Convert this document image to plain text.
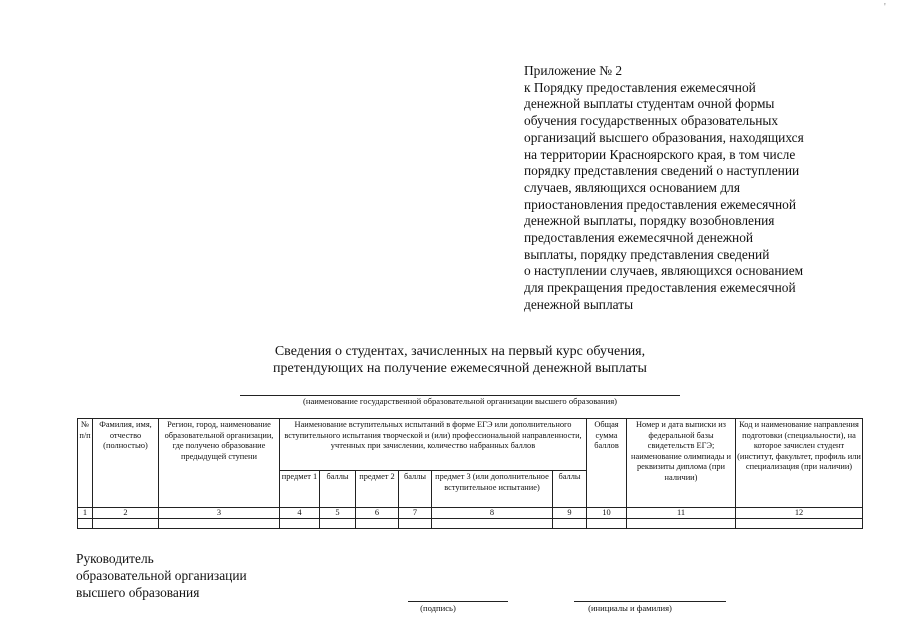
'
Приложение № 2
к Порядку предоставления ежемесячной
денежной выплаты студентам очной формы
обучения государственных образовательных
организаций высшего образования, находящихся
на территории Красноярского края, в том числе
порядку представления сведений о наступлении
случаев, являющихся основанием для
приостановления предоставления ежемесячной
денежной выплаты, порядку возобновления
предоставления ежемесячной денежной
выплаты, порядку представления сведений
о наступлении случаев, являющихся основанием
для прекращения предоставления ежемесячной
денежной выплаты
Сведения о студентах, зачисленных на первый курс обучения,
претендующих на получение ежемесячной денежной выплаты
(наименование государственной образовательной организации высшего образования)
№ п/п	Фамилия, имя, отчество (полностью)	Регион, город, наименование образовательной организации, где получено образование предыдущей ступени	Наименование вступительных испытаний в форме ЕГЭ или дополнительного вступительного испытания творческой и (или) профессиональной направленности, учтенных при зачислении, количество набранных баллов						Общая сумма баллов	Номер и дата выписки из федеральной базы свидетельств ЕГЭ; наименование олимпиады и реквизиты диплома (при наличии)	Код и наименование направления подготовки (специальности), на которое зачислен студент (институт, факультет, профиль или специализация (при наличии)
			предмет 1	баллы	предмет 2	баллы	предмет 3 (или дополнительное вступительное испытание)	баллы			
1	2	3	4	5	6	7	8	9	10	11	12

Руководитель
образовательной организации
высшего образования
(подпись)	(инициалы и фамилия)
